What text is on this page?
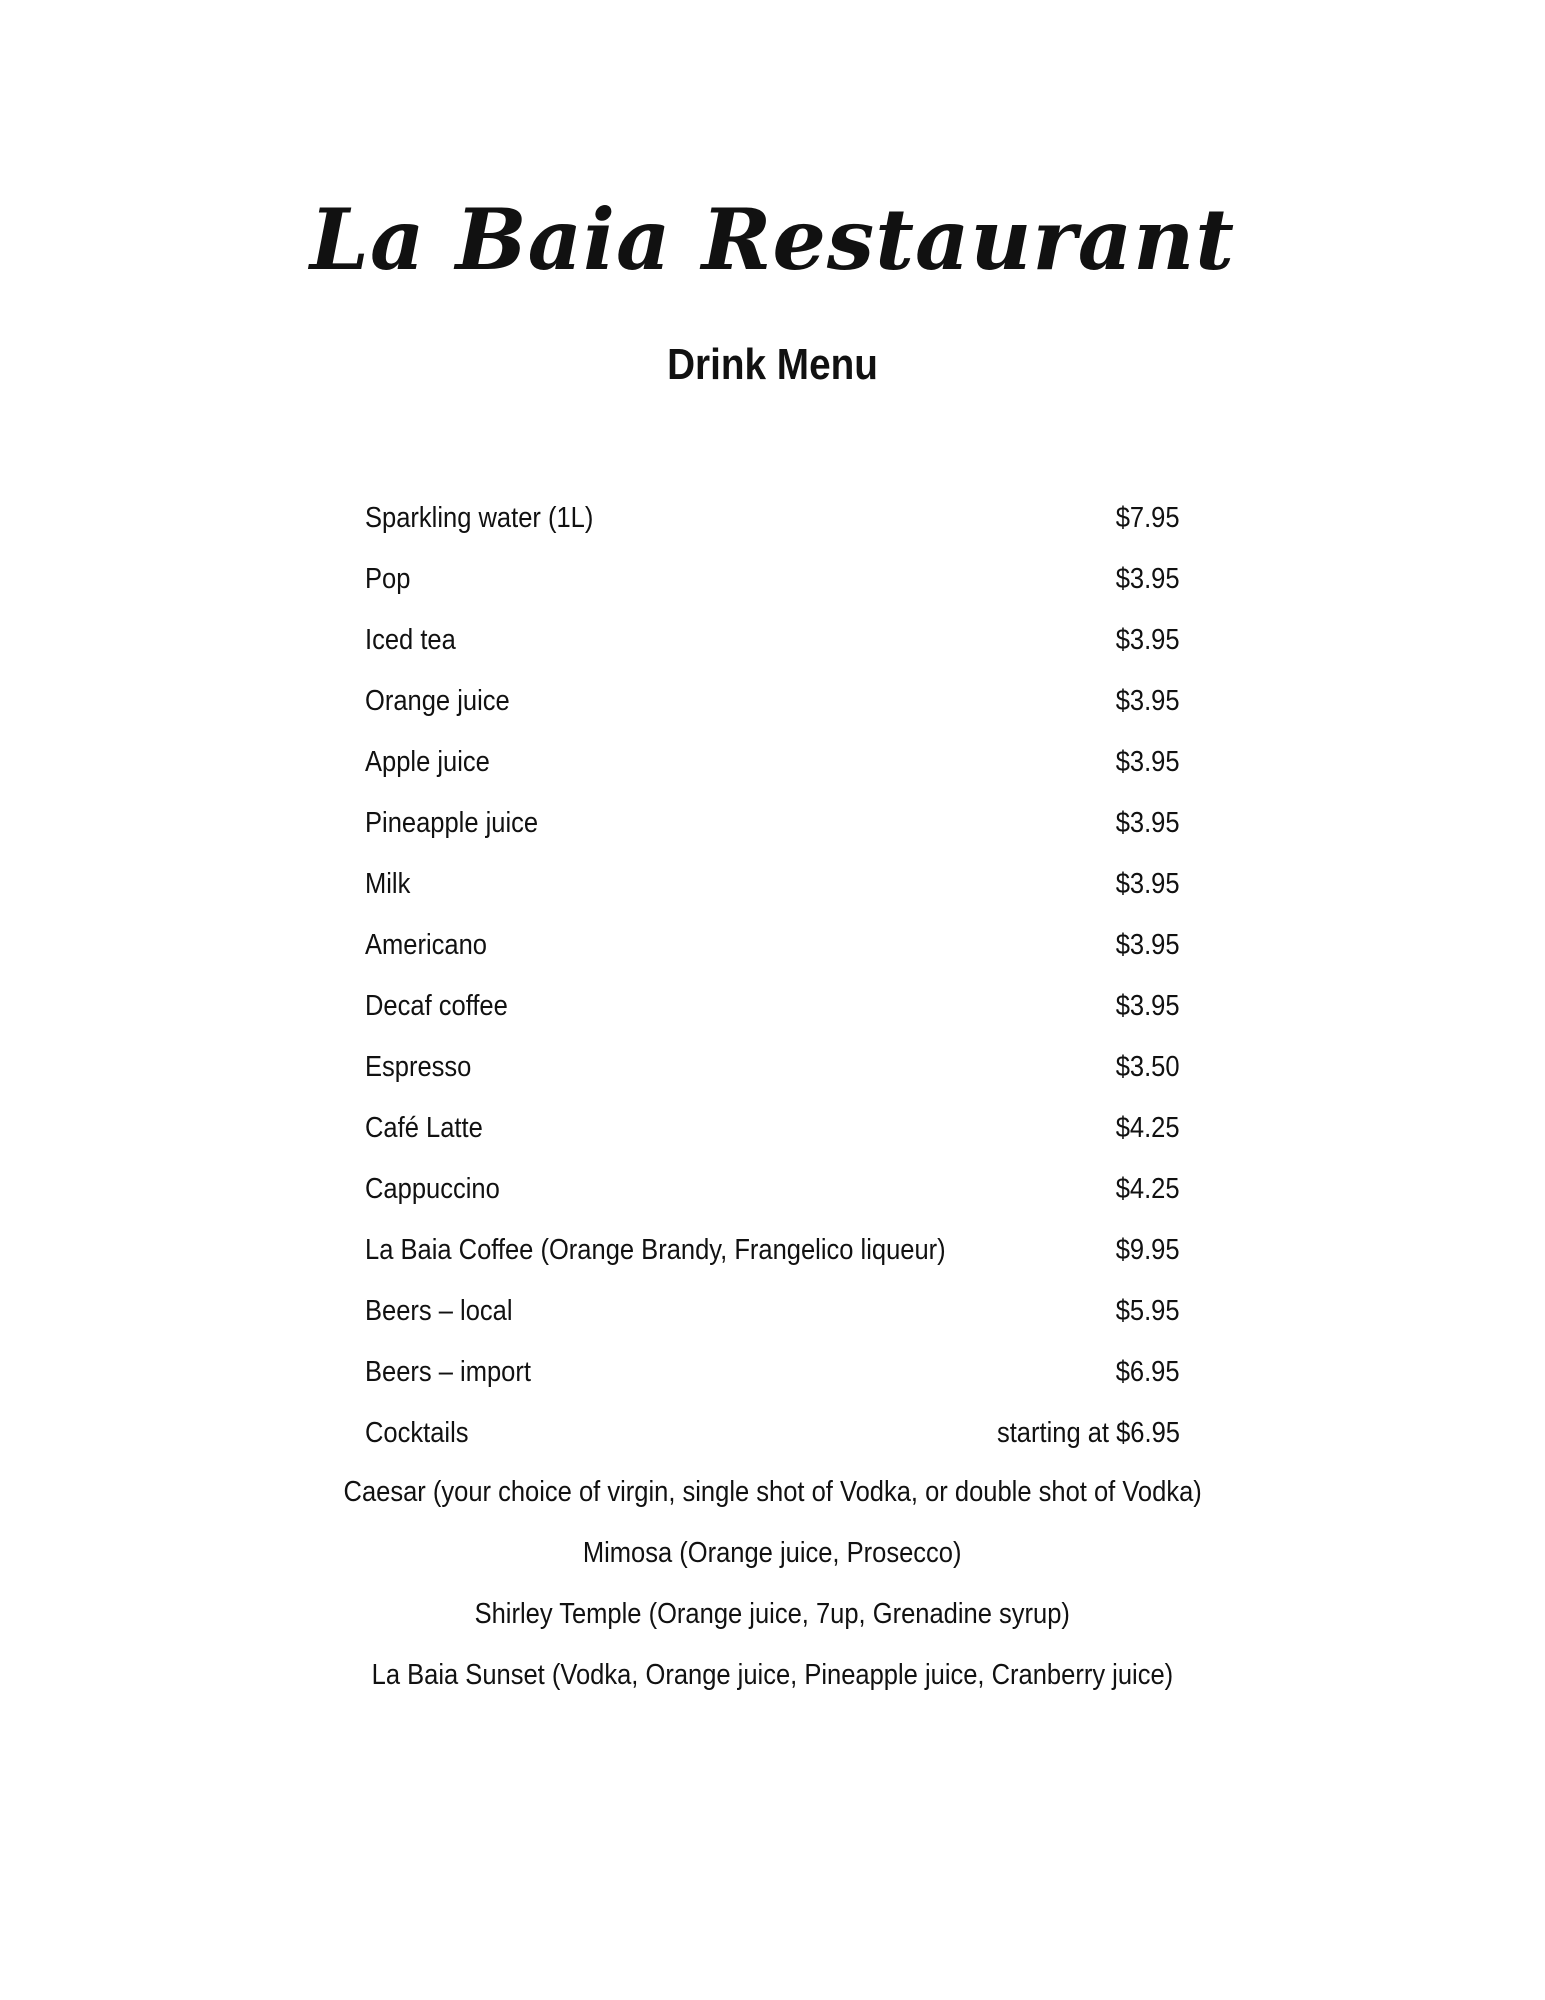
La Baia Restaurant
Drink Menu
Sparkling water (1L)	$7.95
Pop	$3.95
Iced tea	$3.95
Orange juice	$3.95
Apple juice	$3.95
Pineapple juice	$3.95
Milk	$3.95
Americano	$3.95
Decaf coffee	$3.95
Espresso	$3.50
Café Latte	$4.25
Cappuccino	$4.25
La Baia Coffee (Orange Brandy, Frangelico liqueur)	$9.95
Beers – local	$5.95
Beers – import	$6.95
Cocktails	starting at $6.95
Caesar (your choice of virgin, single shot of Vodka, or double shot of Vodka)
Mimosa (Orange juice, Prosecco)
Shirley Temple (Orange juice, 7up, Grenadine syrup)
La Baia Sunset (Vodka, Orange juice, Pineapple juice, Cranberry juice)
